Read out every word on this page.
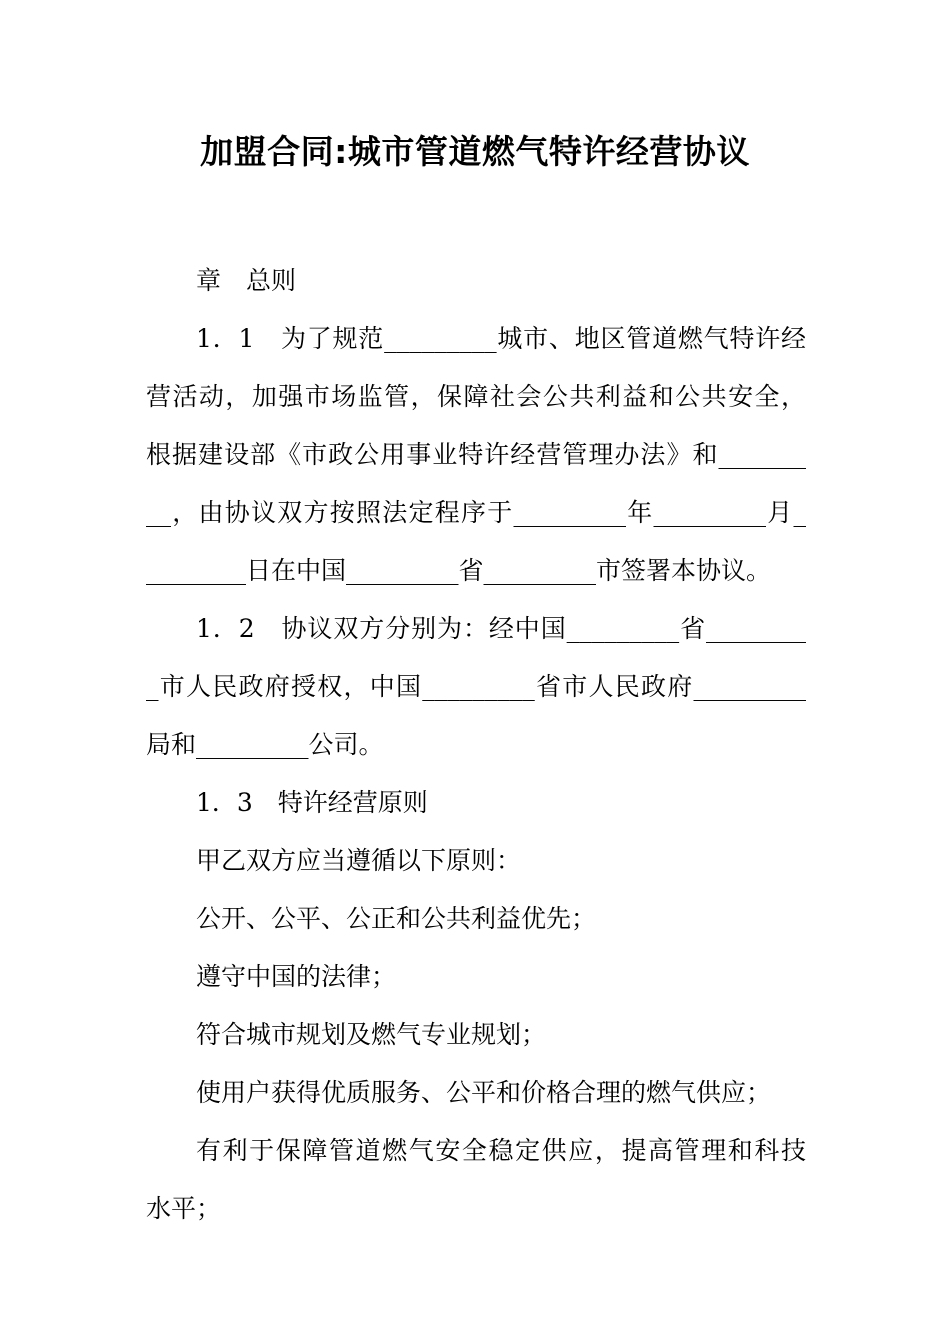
加盟合同:城市管道燃气特许经营协议

章　总则

1．1　为了规范_________城市、地区管道燃气特许经
营活动，加强市场监管，保障社会公共利益和公共安全，
根据建设部《市政公用事业特许经营管理办法》和_______
__，由协议双方按照法定程序于_________年_________月_
________日在中国_________省_________市签署本协议。
1．2　协议双方分别为：经中国_________省________
_市人民政府授权，中国_________省市人民政府_________
局和_________公司。

1．3　特许经营原则

甲乙双方应当遵循以下原则：

公开、公平、公正和公共利益优先；

遵守中国的法律；

符合城市规划及燃气专业规划；

使用户获得优质服务、公平和价格合理的燃气供应；

有利于保障管道燃气安全稳定供应，提高管理和科技
水平；
